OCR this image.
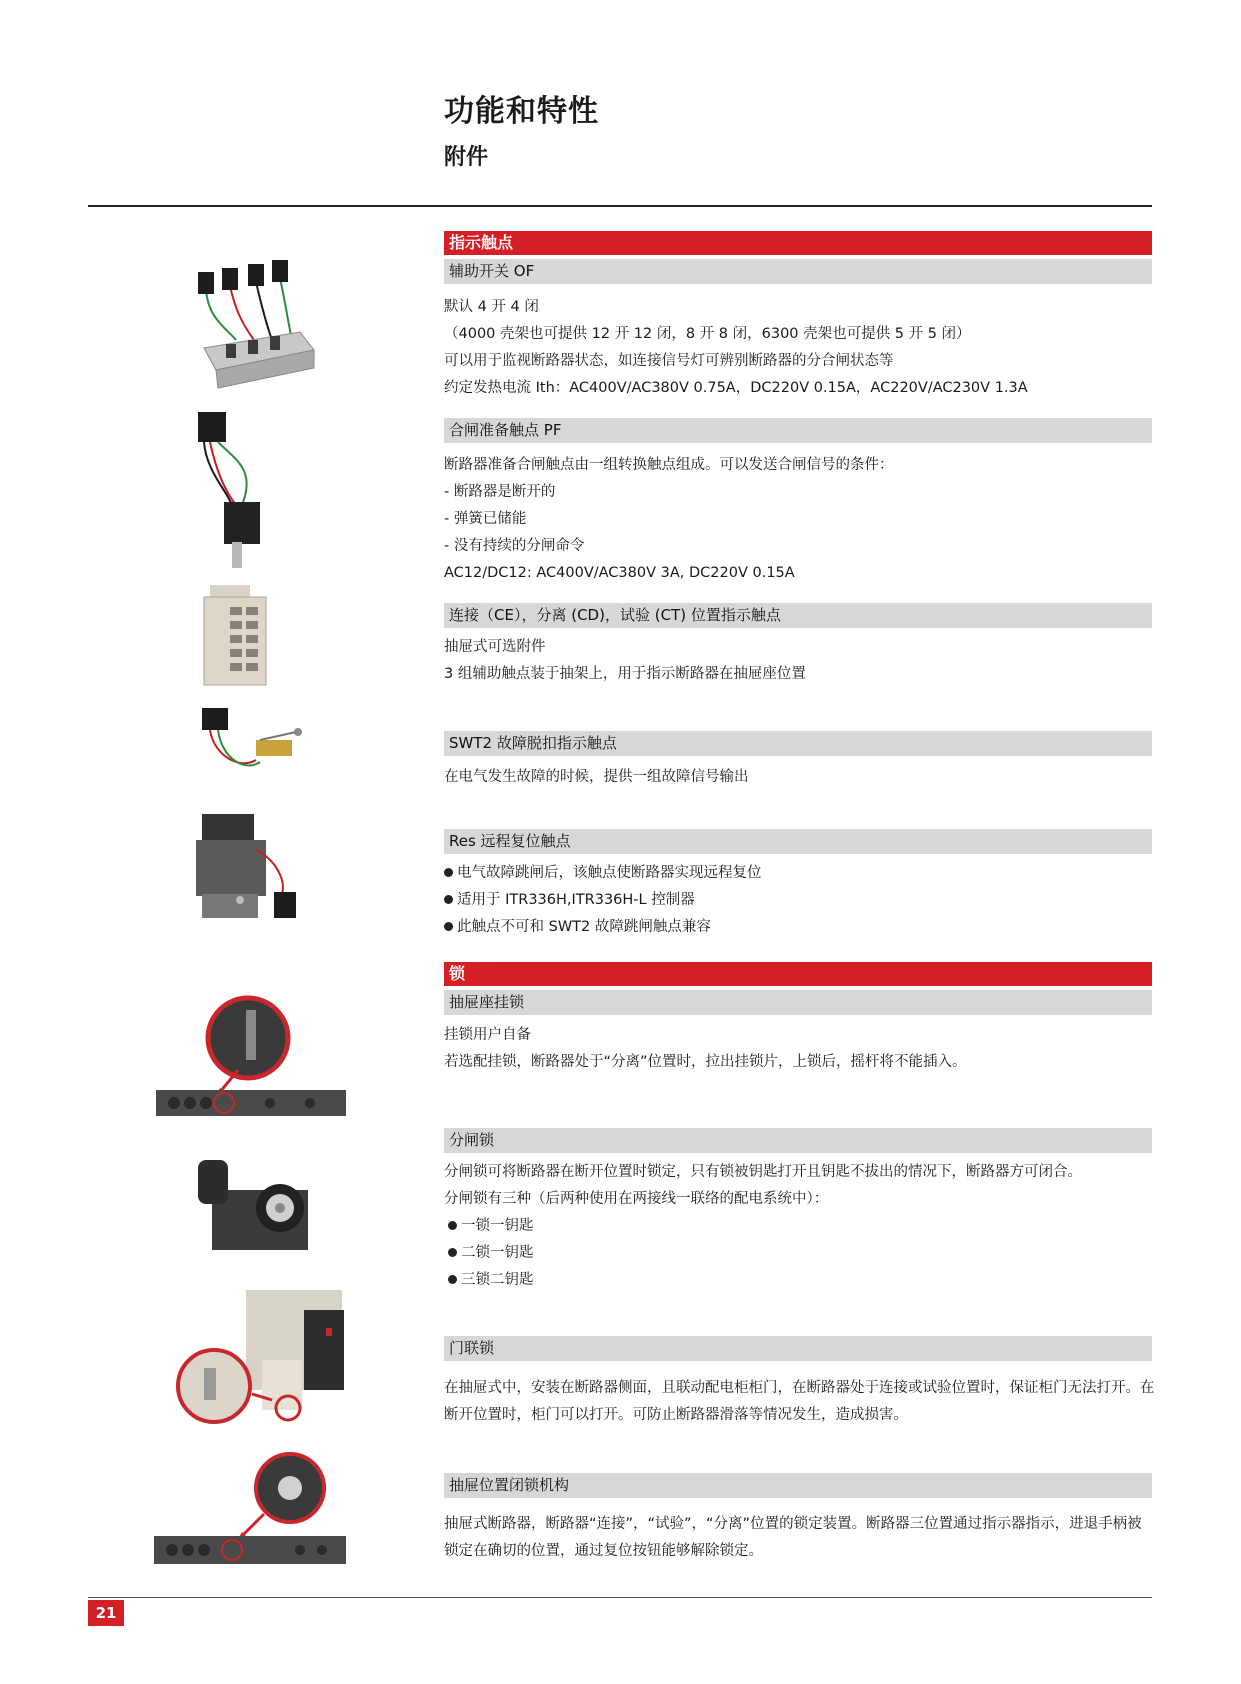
功能和特性
附件
指示触点
辅助开关 OF
默认 4 开 4 闭
（4000 壳架也可提供 12 开 12 闭，8 开 8 闭，6300 壳架也可提供 5 开 5 闭）
可以用于监视断路器状态，如连接信号灯可辨别断路器的分合闸状态等
约定发热电流 Ith：AC400V/AC380V 0.75A，DC220V 0.15A，AC220V/AC230V 1.3A
合闸准备触点 PF
断路器准备合闸触点由一组转换触点组成。可以发送合闸信号的条件：
- 断路器是断开的
- 弹簧已储能
- 没有持续的分闸命令
AC12/DC12: AC400V/AC380V 3A, DC220V 0.15A
连接（CE），分离 (CD)，试验 (CT) 位置指示触点
抽屉式可选附件
3 组辅助触点装于抽架上，用于指示断路器在抽屉座位置
SWT2 故障脱扣指示触点
在电气发生故障的时候，提供一组故障信号输出
Res 远程复位触点
电气故障跳闸后，该触点使断路器实现远程复位
适用于 ITR336H,ITR336H-L 控制器
此触点不可和 SWT2 故障跳闸触点兼容
锁
抽屉座挂锁
挂锁用户自备
若选配挂锁，断路器处于“分离”位置时，拉出挂锁片，上锁后，摇杆将不能插入。
分闸锁
分闸锁可将断路器在断开位置时锁定，只有锁被钥匙打开且钥匙不拔出的情况下，断路器方可闭合。
分闸锁有三种（后两种使用在两接线一联络的配电系统中）：
一锁一钥匙
二锁一钥匙
三锁二钥匙
门联锁
在抽屉式中，安装在断路器侧面，且联动配电柜柜门，在断路器处于连接或试验位置时，保证柜门无法打开。在断开位置时，柜门可以打开。可防止断路器滑落等情况发生，造成损害。
抽屉位置闭锁机构
抽屉式断路器，断路器“连接”，“试验”，“分离”位置的锁定装置。断路器三位置通过指示器指示，进退手柄被锁定在确切的位置，通过复位按钮能够解除锁定。
21
